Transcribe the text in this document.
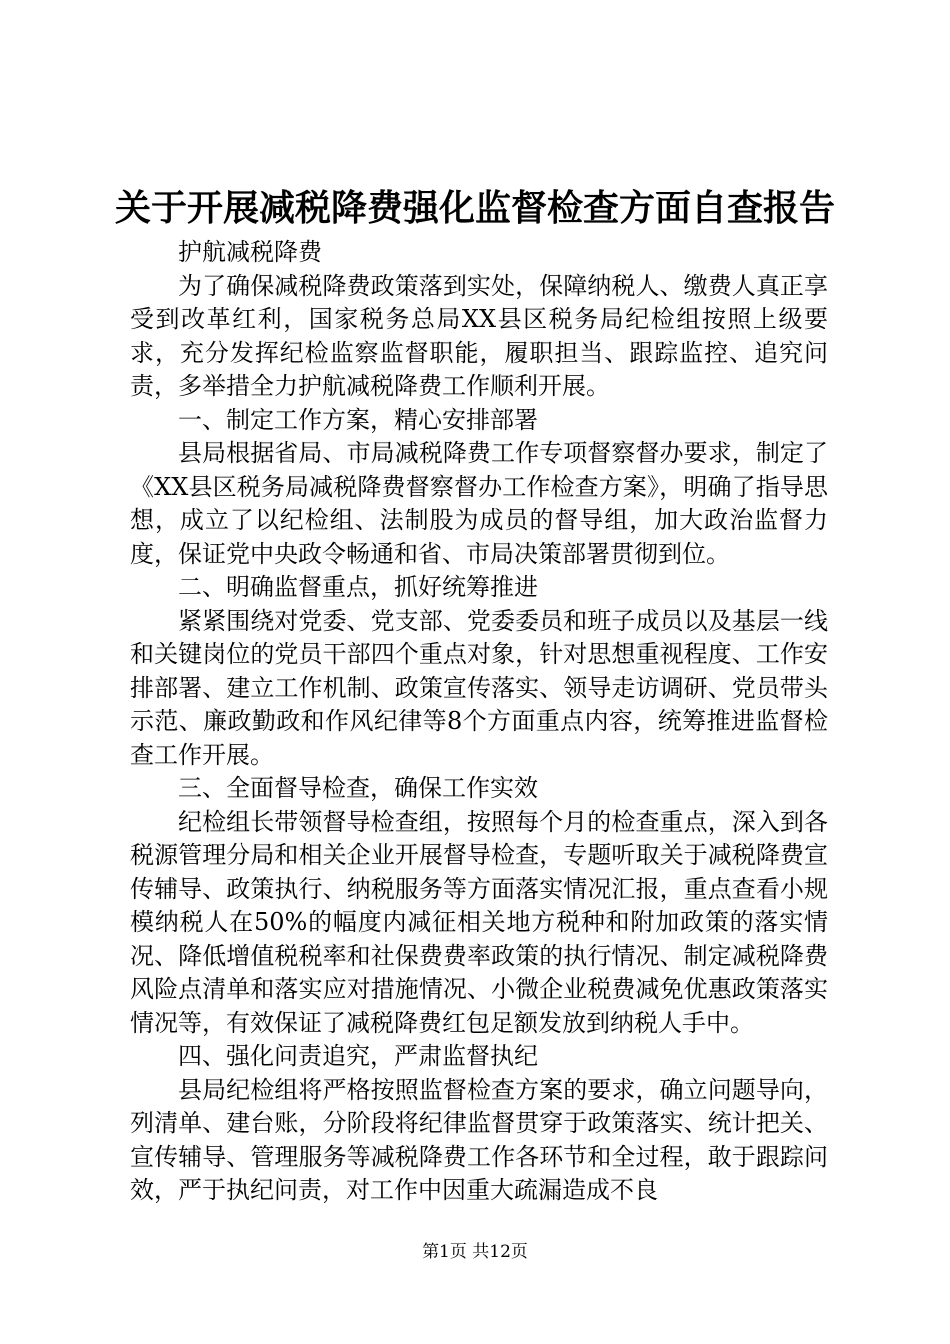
关于开展减税降费强化监督检查方面自查报告

护航减税降费

为了确保减税降费政策落到实处，保障纳税人、缴费人真正享受到改革红利，国家税务总局XX县区税务局纪检组按照上级要求，充分发挥纪检监察监督职能，履职担当、跟踪监控、追究问责，多举措全力护航减税降费工作顺利开展。

一、制定工作方案，精心安排部署

县局根据省局、市局减税降费工作专项督察督办要求，制定了《XX县区税务局减税降费督察督办工作检查方案》，明确了指导思想，成立了以纪检组、法制股为成员的督导组，加大政治监督力度，保证党中央政令畅通和省、市局决策部署贯彻到位。

二、明确监督重点，抓好统筹推进

紧紧围绕对党委、党支部、党委委员和班子成员以及基层一线和关键岗位的党员干部四个重点对象，针对思想重视程度、工作安排部署、建立工作机制、政策宣传落实、领导走访调研、党员带头示范、廉政勤政和作风纪律等8个方面重点内容，统筹推进监督检查工作开展。

三、全面督导检查，确保工作实效

纪检组长带领督导检查组，按照每个月的检查重点，深入到各税源管理分局和相关企业开展督导检查，专题听取关于减税降费宣传辅导、政策执行、纳税服务等方面落实情况汇报，重点查看小规模纳税人在50%的幅度内减征相关地方税种和附加政策的落实情况、降低增值税税率和社保费费率政策的执行情况、制定减税降费风险点清单和落实应对措施情况、小微企业税费减免优惠政策落实情况等，有效保证了减税降费红包足额发放到纳税人手中。

四、强化问责追究，严肃监督执纪

县局纪检组将严格按照监督检查方案的要求，确立问题导向，列清单、建台账，分阶段将纪律监督贯穿于政策落实、统计把关、宣传辅导、管理服务等减税降费工作各环节和全过程，敢于跟踪问效，严于执纪问责，对工作中因重大疏漏造成不良

第1页 共12页
